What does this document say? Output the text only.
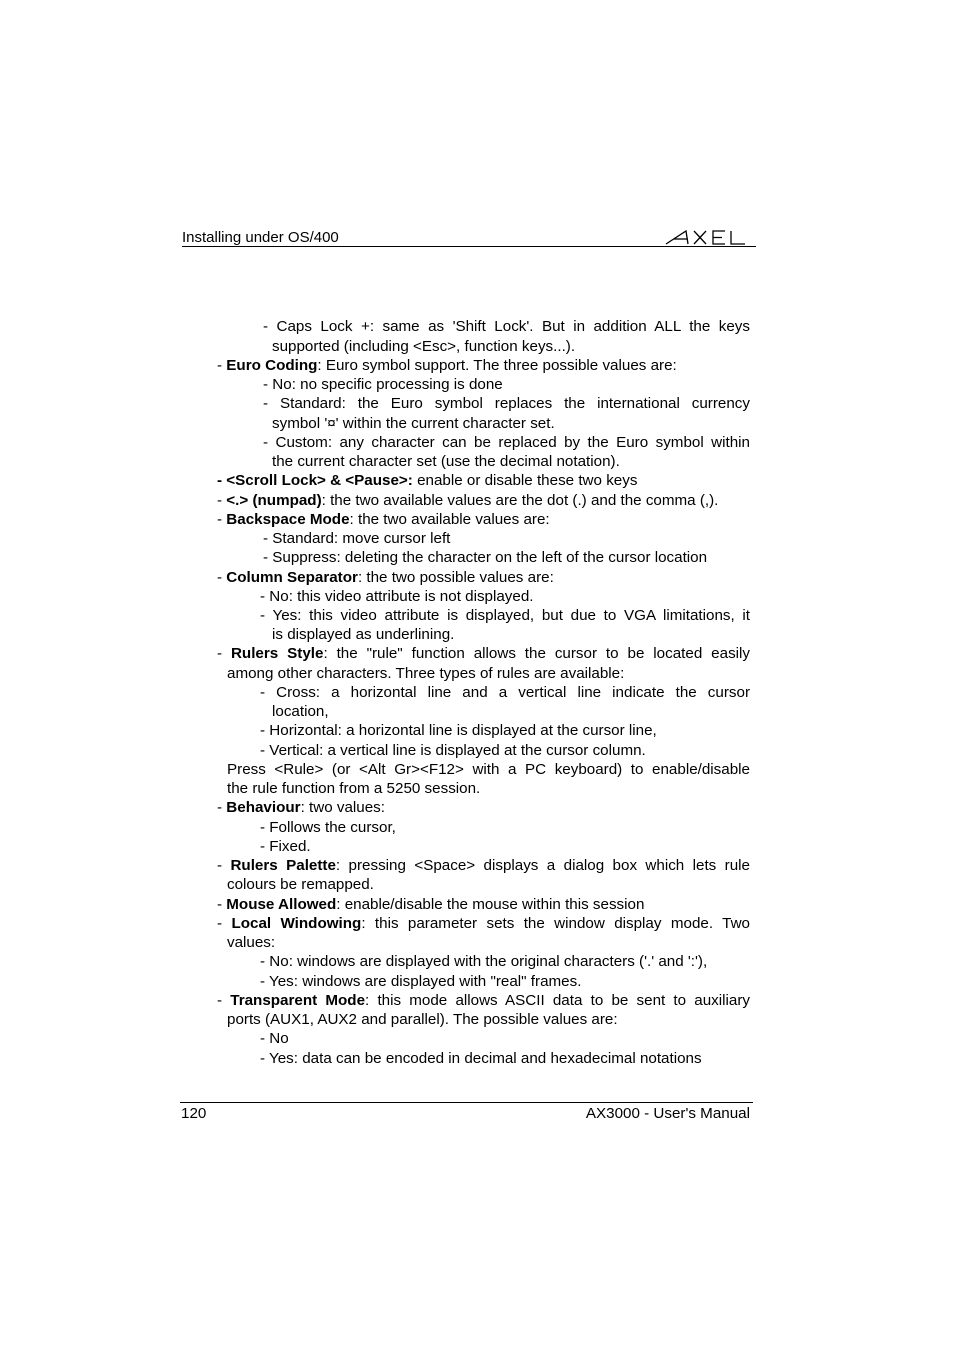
Installing under OS/400
- Caps Lock +: same as 'Shift Lock'. But in addition ALL the keys
supported (including <Esc>, function keys...).
- Euro Coding: Euro symbol support. The three possible values are:
- No: no specific processing is done
- Standard: the Euro symbol replaces the international currency
symbol '¤' within the current character set.
- Custom: any character can be replaced by the Euro symbol within
the current character set (use the decimal notation).
- <Scroll Lock> & <Pause>: enable or disable these two keys
- <.> (numpad): the two available values are the dot (.) and the comma (,).
- Backspace Mode: the two available values are:
- Standard: move cursor left
- Suppress: deleting the character on the left of the cursor location
- Column Separator: the two possible values are:
- No: this video attribute is not displayed.
- Yes: this video attribute is displayed, but due to VGA limitations, it
is displayed as underlining.
- Rulers Style: the "rule" function allows the cursor to be located easily
among other characters. Three types of rules are available:
- Cross: a horizontal line and a vertical line indicate the cursor
location,
- Horizontal: a horizontal line is displayed at the cursor line,
- Vertical: a vertical line is displayed at the cursor column.
Press <Rule> (or <Alt Gr><F12> with a PC keyboard) to enable/disable
the rule function from a 5250 session.
- Behaviour: two values:
- Follows the cursor,
- Fixed.
- Rulers Palette: pressing <Space> displays a dialog box which lets rule
colours be remapped.
- Mouse Allowed: enable/disable the mouse within this session
- Local Windowing: this parameter sets the window display mode. Two
values:
- No: windows are displayed with the original characters ('.' and ':'),
- Yes: windows are displayed with "real" frames.
- Transparent Mode: this mode allows ASCII data to be sent to auxiliary
ports (AUX1, AUX2 and parallel). The possible values are:
- No
- Yes: data can be encoded in decimal and hexadecimal notations
120	AX3000 - User's Manual
